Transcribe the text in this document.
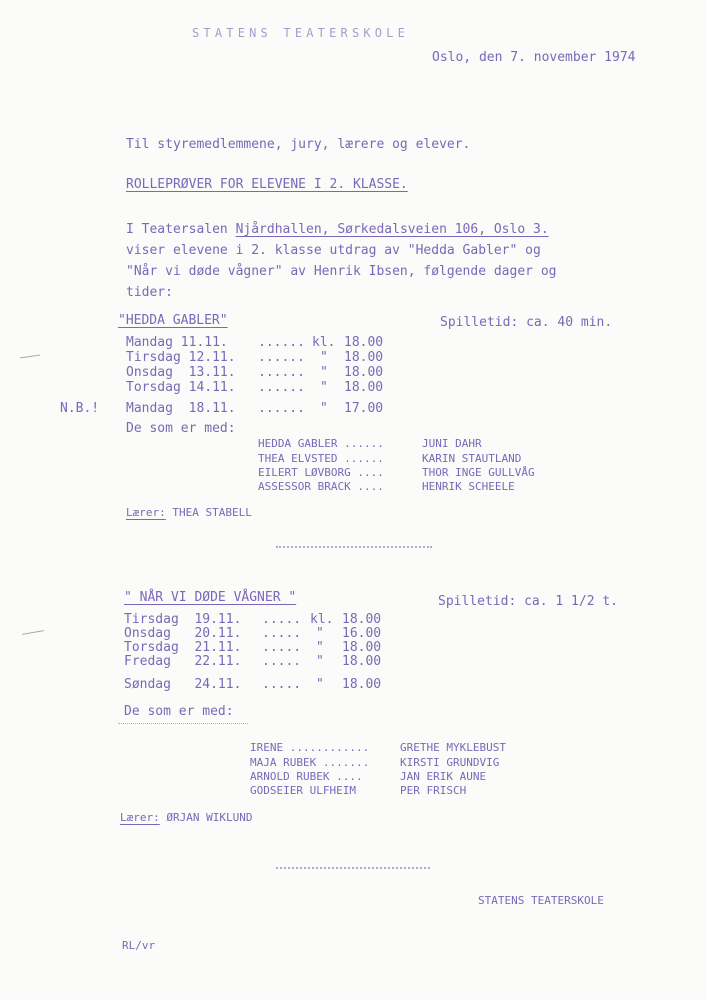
STATENS TEATERSKOLE
Oslo, den 7. november 1974
Til styremedlemmene, jury, lærere og elever.
ROLLEPRØVER FOR ELEVENE I 2. KLASSE.
I Teatersalen Njårdhallen, Sørkedalsveien 106, Oslo 3.
viser elevene i 2. klasse utdrag av "Hedda Gabler" og
"Når vi døde vågner" av Henrik Ibsen, følgende dager og
tider:
"HEDDA GABLER"	Spilletid: ca. 40 min.
Mandag 11.11. ...... kl. 18.00
Tirsdag 12.11. ...... " 18.00
Onsdag  13.11. ...... " 18.00
Torsdag 14.11. ...... " 18.00
N.B.! Mandag  18.11. ...... " 17.00
De som er med:
HEDDA GABLER ......	JUNI DAHR
THEA ELVSTED ......	KARIN STAUTLAND
EILERT LØVBORG ....	THOR INGE GULLVÅG
ASSESSOR BRACK ....	HENRIK SCHEELE
Lærer: THEA STABELL
" NÅR VI DØDE VÅGNER "	Spilletid: ca. 1 1/2 t.
Tirsdag  19.11. ..... kl. 18.00
Onsdag   20.11. ..... " 16.00
Torsdag  21.11. ..... " 18.00
Fredag   22.11. ..... " 18.00
Søndag   24.11. ..... " 18.00
De som er med:
IRENE ............	GRETHE MYKLEBUST
MAJA RUBEK .......	KIRSTI GRUNDVIG
ARNOLD RUBEK ....	JAN ERIK AUNE
GODSEIER ULFHEIM	PER FRISCH
Lærer: ØRJAN WIKLUND
STATENS TEATERSKOLE
RL/vr
